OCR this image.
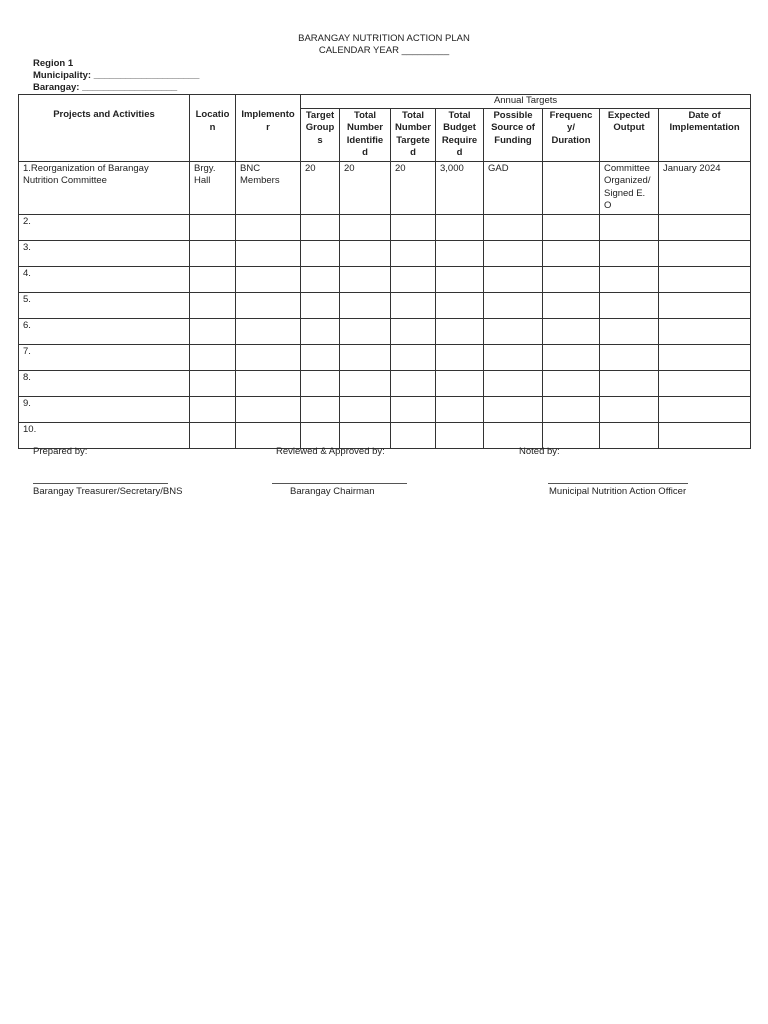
BARANGAY NUTRITION ACTION PLAN
CALENDAR YEAR _________
Region 1
Municipality: ____________________
Barangay: __________________
			Annual Targets							
Projects and Activities	Location	Implementor	Target Groups	Total Number Identified	Total Number Targeted	Total Budget Required	Possible Source of Funding	Frequency/ Duration	Expected Output	Date of Implementation
1.Reorganization of Barangay Nutrition Committee	Brgy. Hall	BNC Members	20	20	20	3,000	GAD		Committee Organized/ Signed E. O	January 2024
2.										
3.										
4.										
5.										
6.										
7.										
8.										
9.										
10.										
Prepared by:	Reviewed & Approved by:	Noted by:
Barangay Treasurer/Secretary/BNS	Barangay Chairman	Municipal Nutrition Action Officer
